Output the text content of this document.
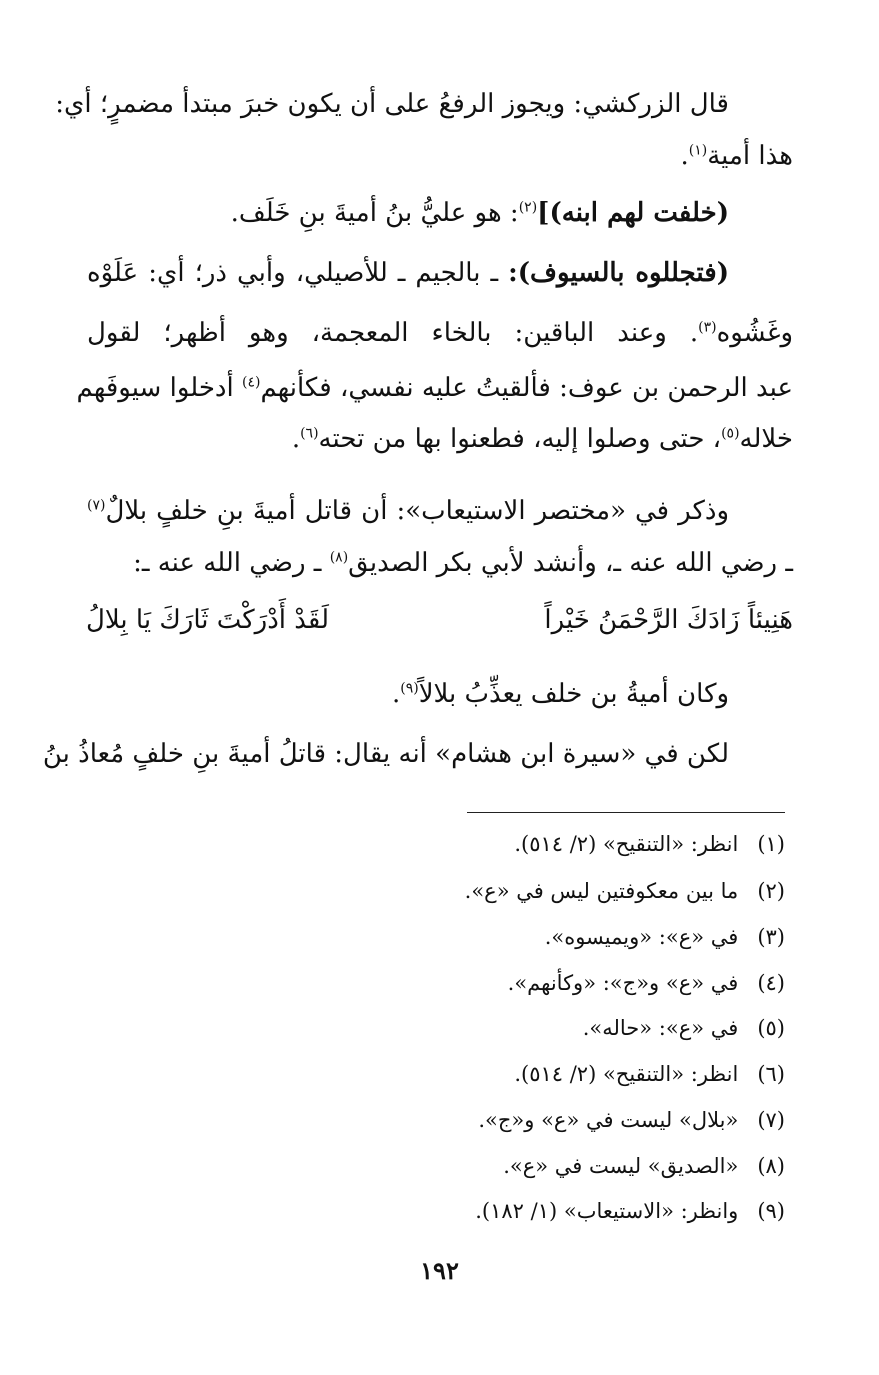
قال الزركشي: ويجوز الرفعُ على أن يكون خبرَ مبتدأ مضمرٍ؛ أي:
هذا أمية$^{(١)}$.
(خلفت لهم ابنه)]$^{(٢)}$: هو عليُّ بنُ أميةَ بنِ خَلَف.
(فتجللوه بالسيوف): ـ بالجيم ـ للأصيلي، وأبي ذر؛ أي: عَلَوْه
وغَشُوه$^{(٣)}$. وعند الباقين: بالخاء المعجمة، وهو أظهر؛ لقول
عبد الرحمن بن عوف: فألقيتُ عليه نفسي، فكأنهم$^{(٤)}$ أدخلوا سيوفَهم
خلاله$^{(٥)}$، حتى وصلوا إليه، فطعنوا بها من تحته$^{(٦)}$.
وذكر في «مختصر الاستيعاب»: أن قاتل أميةَ بنِ خلفٍ بلالٌ$^{(٧)}$
ـ رضي الله عنه ـ، وأنشد لأبي بكر الصديق$^{(٨)}$ ـ رضي الله عنه ـ:
هَنِيئاً زَادَكَ الرَّحْمَنُ خَيْراً
لَقَدْ أَدْرَكْتَ ثَارَكَ يَا بِلالُ
وكان أميةُ بن خلف يعذِّبُ بلالاً$^{(٩)}$.
لكن في «سيرة ابن هشام» أنه يقال: قاتلُ أميةَ بنِ خلفٍ مُعاذُ بنُ
(١) انظر: «التنقيح» (٢/ ٥١٤).
(٢) ما بين معكوفتين ليس في «ع».
(٣) في «ع»: «ويميسوه».
(٤) في «ع» و«ج»: «وكأنهم».
(٥) في «ع»: «حاله».
(٦) انظر: «التنقيح» (٢/ ٥١٤).
(٧) «بلال» ليست في «ع» و«ج».
(٨) «الصديق» ليست في «ع».
(٩) وانظر: «الاستيعاب» (١/ ١٨٢).
١٩٢
